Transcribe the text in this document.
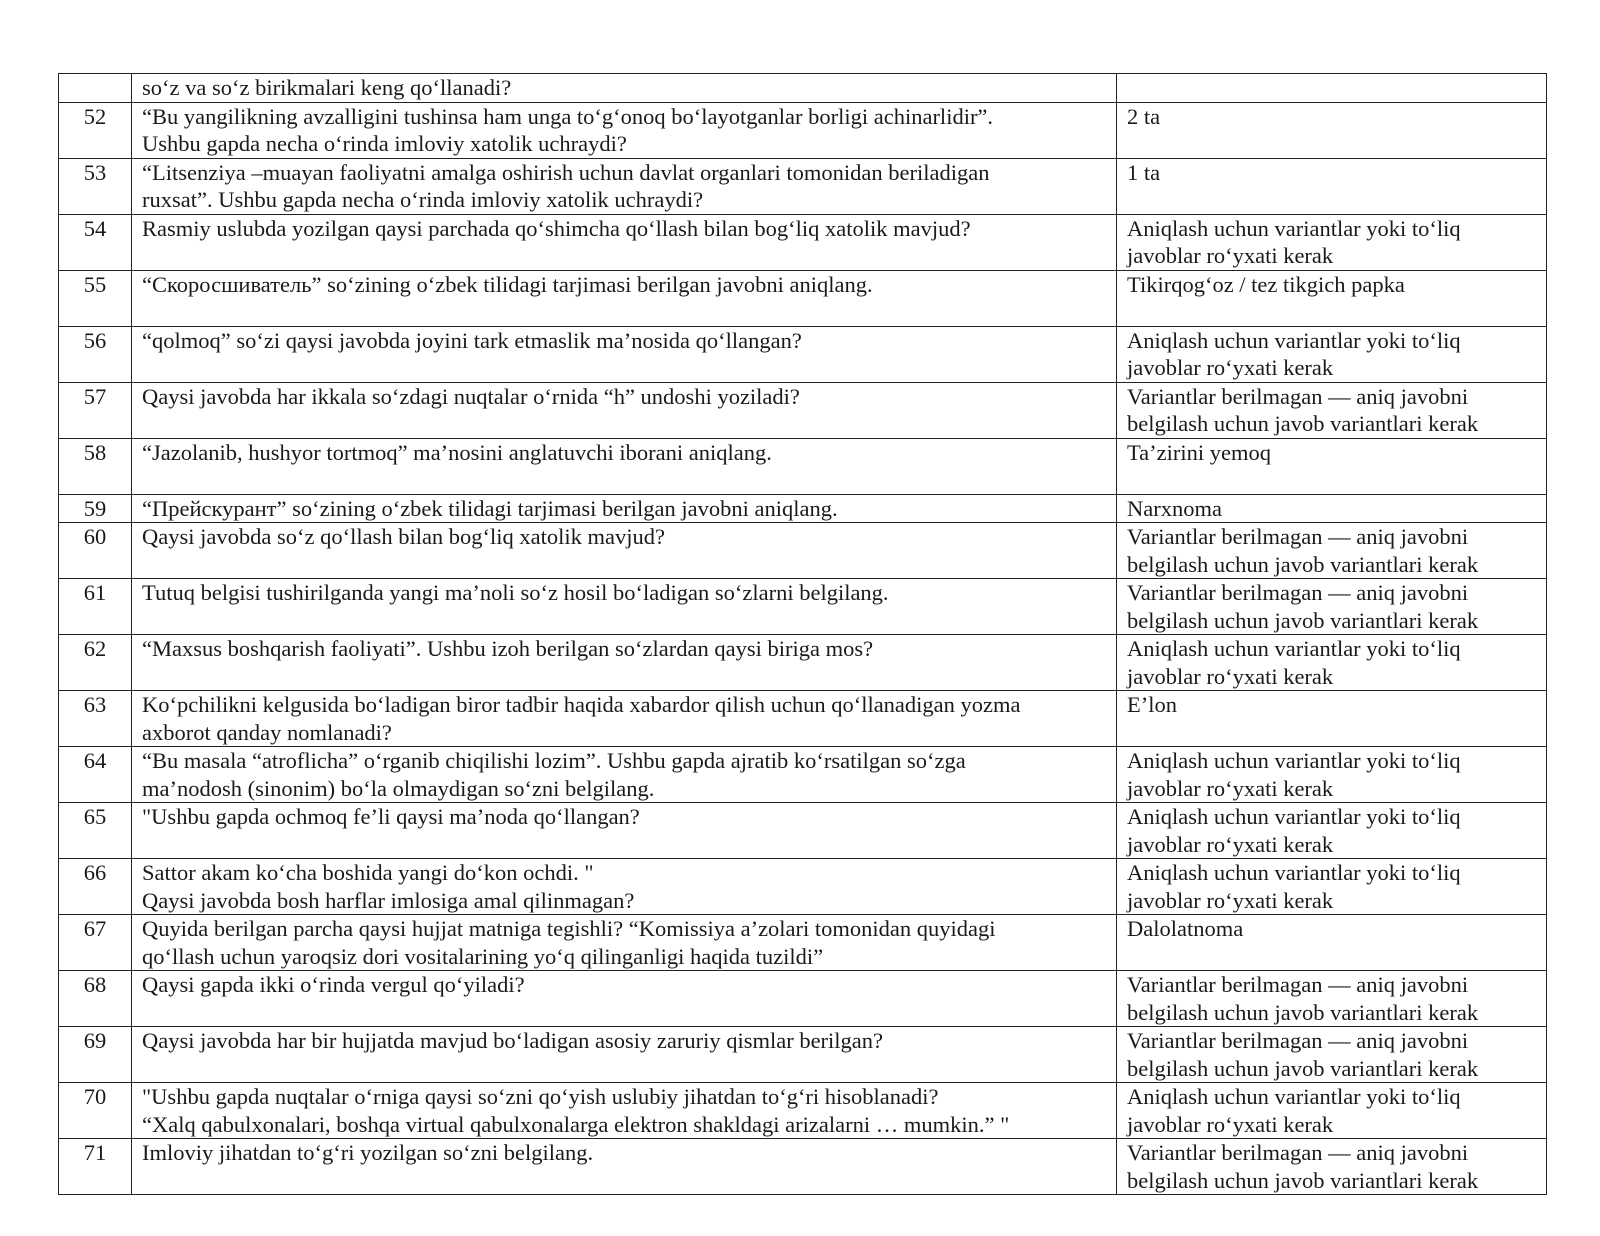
	so‘z va so‘z birikmalari keng qo‘llanadi?	

52	“Bu yangilikning avzalligini tushinsa ham unga to‘g‘onoq bo‘layotganlar borligi achinarlidir”.
Ushbu gapda necha o‘rinda imloviy xatolik uchraydi?	2 ta

53	“Litsenziya –muayan faoliyatni amalga oshirish uchun davlat organlari tomonidan beriladigan
ruxsat”. Ushbu gapda necha o‘rinda imloviy xatolik uchraydi?	1 ta

54	Rasmiy uslubda yozilgan qaysi parchada qo‘shimcha qo‘llash bilan bog‘liq xatolik mavjud?	Aniqlash uchun variantlar yoki to‘liq
javoblar ro‘yxati kerak

55	“Скоросшиватель” so‘zining o‘zbek tilidagi tarjimasi berilgan javobni aniqlang.	Tikirqog‘oz / tez tikgich papka

56	“qolmoq” so‘zi qaysi javobda joyini tark etmaslik ma’nosida qo‘llangan?	Aniqlash uchun variantlar yoki to‘liq
javoblar ro‘yxati kerak

57	Qaysi javobda har ikkala so‘zdagi nuqtalar o‘rnida “h” undoshi yoziladi?	Variantlar berilmagan — aniq javobni
belgilash uchun javob variantlari kerak

58	“Jazolanib, hushyor tortmoq” ma’nosini anglatuvchi iborani aniqlang.	Ta’zirini yemoq

59	“Прейскурант” so‘zining o‘zbek tilidagi tarjimasi berilgan javobni aniqlang.	Narxnoma

60	Qaysi javobda so‘z qo‘llash bilan bog‘liq xatolik mavjud?	Variantlar berilmagan — aniq javobni
belgilash uchun javob variantlari kerak

61	Tutuq belgisi tushirilganda yangi ma’noli so‘z hosil bo‘ladigan so‘zlarni belgilang.	Variantlar berilmagan — aniq javobni
belgilash uchun javob variantlari kerak

62	“Maxsus boshqarish faoliyati”. Ushbu izoh berilgan so‘zlardan qaysi biriga mos?	Aniqlash uchun variantlar yoki to‘liq
javoblar ro‘yxati kerak

63	Ko‘pchilikni kelgusida bo‘ladigan biror tadbir haqida xabardor qilish uchun qo‘llanadigan yozma
axborot qanday nomlanadi?	E’lon

64	“Bu masala “atroflicha” o‘rganib chiqilishi lozim”. Ushbu gapda ajratib ko‘rsatilgan so‘zga
ma’nodosh (sinonim) bo‘la olmaydigan so‘zni belgilang.	Aniqlash uchun variantlar yoki to‘liq
javoblar ro‘yxati kerak

65	"Ushbu gapda ochmoq fe’li qaysi ma’noda qo‘llangan?	Aniqlash uchun variantlar yoki to‘liq
javoblar ro‘yxati kerak

66	Sattor akam ko‘cha boshida yangi do‘kon ochdi. "
Qaysi javobda bosh harflar imlosiga amal qilinmagan?	Aniqlash uchun variantlar yoki to‘liq
javoblar ro‘yxati kerak

67	Quyida berilgan parcha qaysi hujjat matniga tegishli? “Komissiya a’zolari tomonidan quyidagi
qo‘llash uchun yaroqsiz dori vositalarining yo‘q qilinganligi haqida tuzildi”	Dalolatnoma

68	Qaysi gapda ikki o‘rinda vergul qo‘yiladi?	Variantlar berilmagan — aniq javobni
belgilash uchun javob variantlari kerak

69	Qaysi javobda har bir hujjatda mavjud bo‘ladigan asosiy zaruriy qismlar berilgan?	Variantlar berilmagan — aniq javobni
belgilash uchun javob variantlari kerak

70	"Ushbu gapda nuqtalar o‘rniga qaysi so‘zni qo‘yish uslubiy jihatdan to‘g‘ri hisoblanadi?
“Xalq qabulxonalari, boshqa virtual qabulxonalarga elektron shakldagi arizalarni … mumkin.” "	Aniqlash uchun variantlar yoki to‘liq
javoblar ro‘yxati kerak

71	Imloviy jihatdan to‘g‘ri yozilgan so‘zni belgilang.	Variantlar berilmagan — aniq javobni
belgilash uchun javob variantlari kerak
